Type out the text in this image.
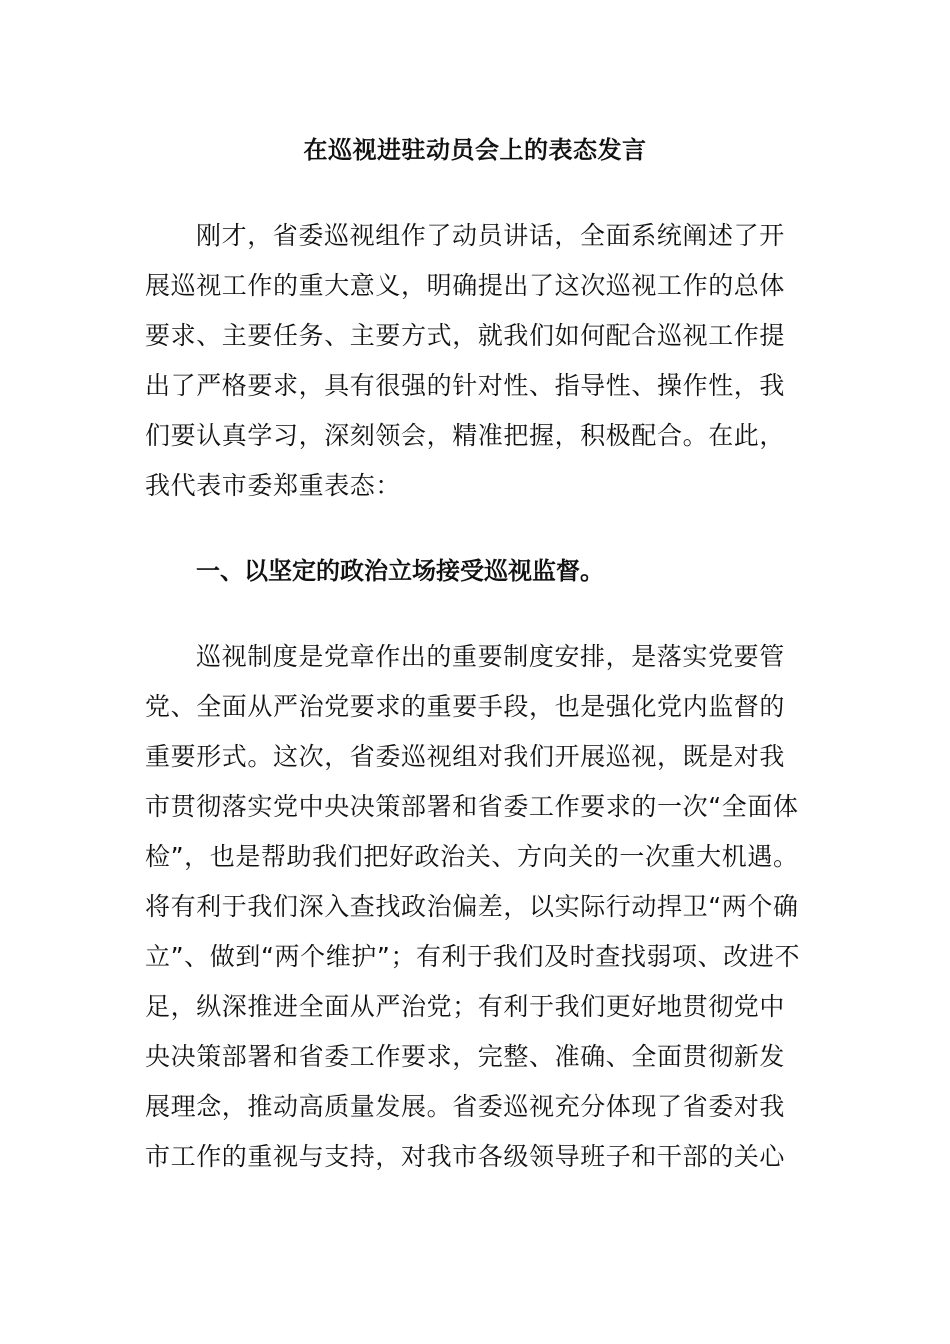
在巡视进驻动员会上的表态发言
刚才，省委巡视组作了动员讲话，全面系统阐述了开
展巡视工作的重大意义，明确提出了这次巡视工作的总体
要求、主要任务、主要方式，就我们如何配合巡视工作提
出了严格要求，具有很强的针对性、指导性、操作性，我
们要认真学习，深刻领会，精准把握，积极配合。在此，
我代表市委郑重表态：
一、以坚定的政治立场接受巡视监督。
巡视制度是党章作出的重要制度安排，是落实党要管
党、全面从严治党要求的重要手段，也是强化党内监督的
重要形式。这次，省委巡视组对我们开展巡视，既是对我
市贯彻落实党中央决策部署和省委工作要求的一次“全面体
检”，也是帮助我们把好政治关、方向关的一次重大机遇。
将有利于我们深入查找政治偏差，以实际行动捍卫“两个确
立”、做到“两个维护”；有利于我们及时查找弱项、改进不
足，纵深推进全面从严治党；有利于我们更好地贯彻党中
央决策部署和省委工作要求，完整、准确、全面贯彻新发
展理念，推动高质量发展。省委巡视充分体现了省委对我
市工作的重视与支持，对我市各级领导班子和干部的关心
